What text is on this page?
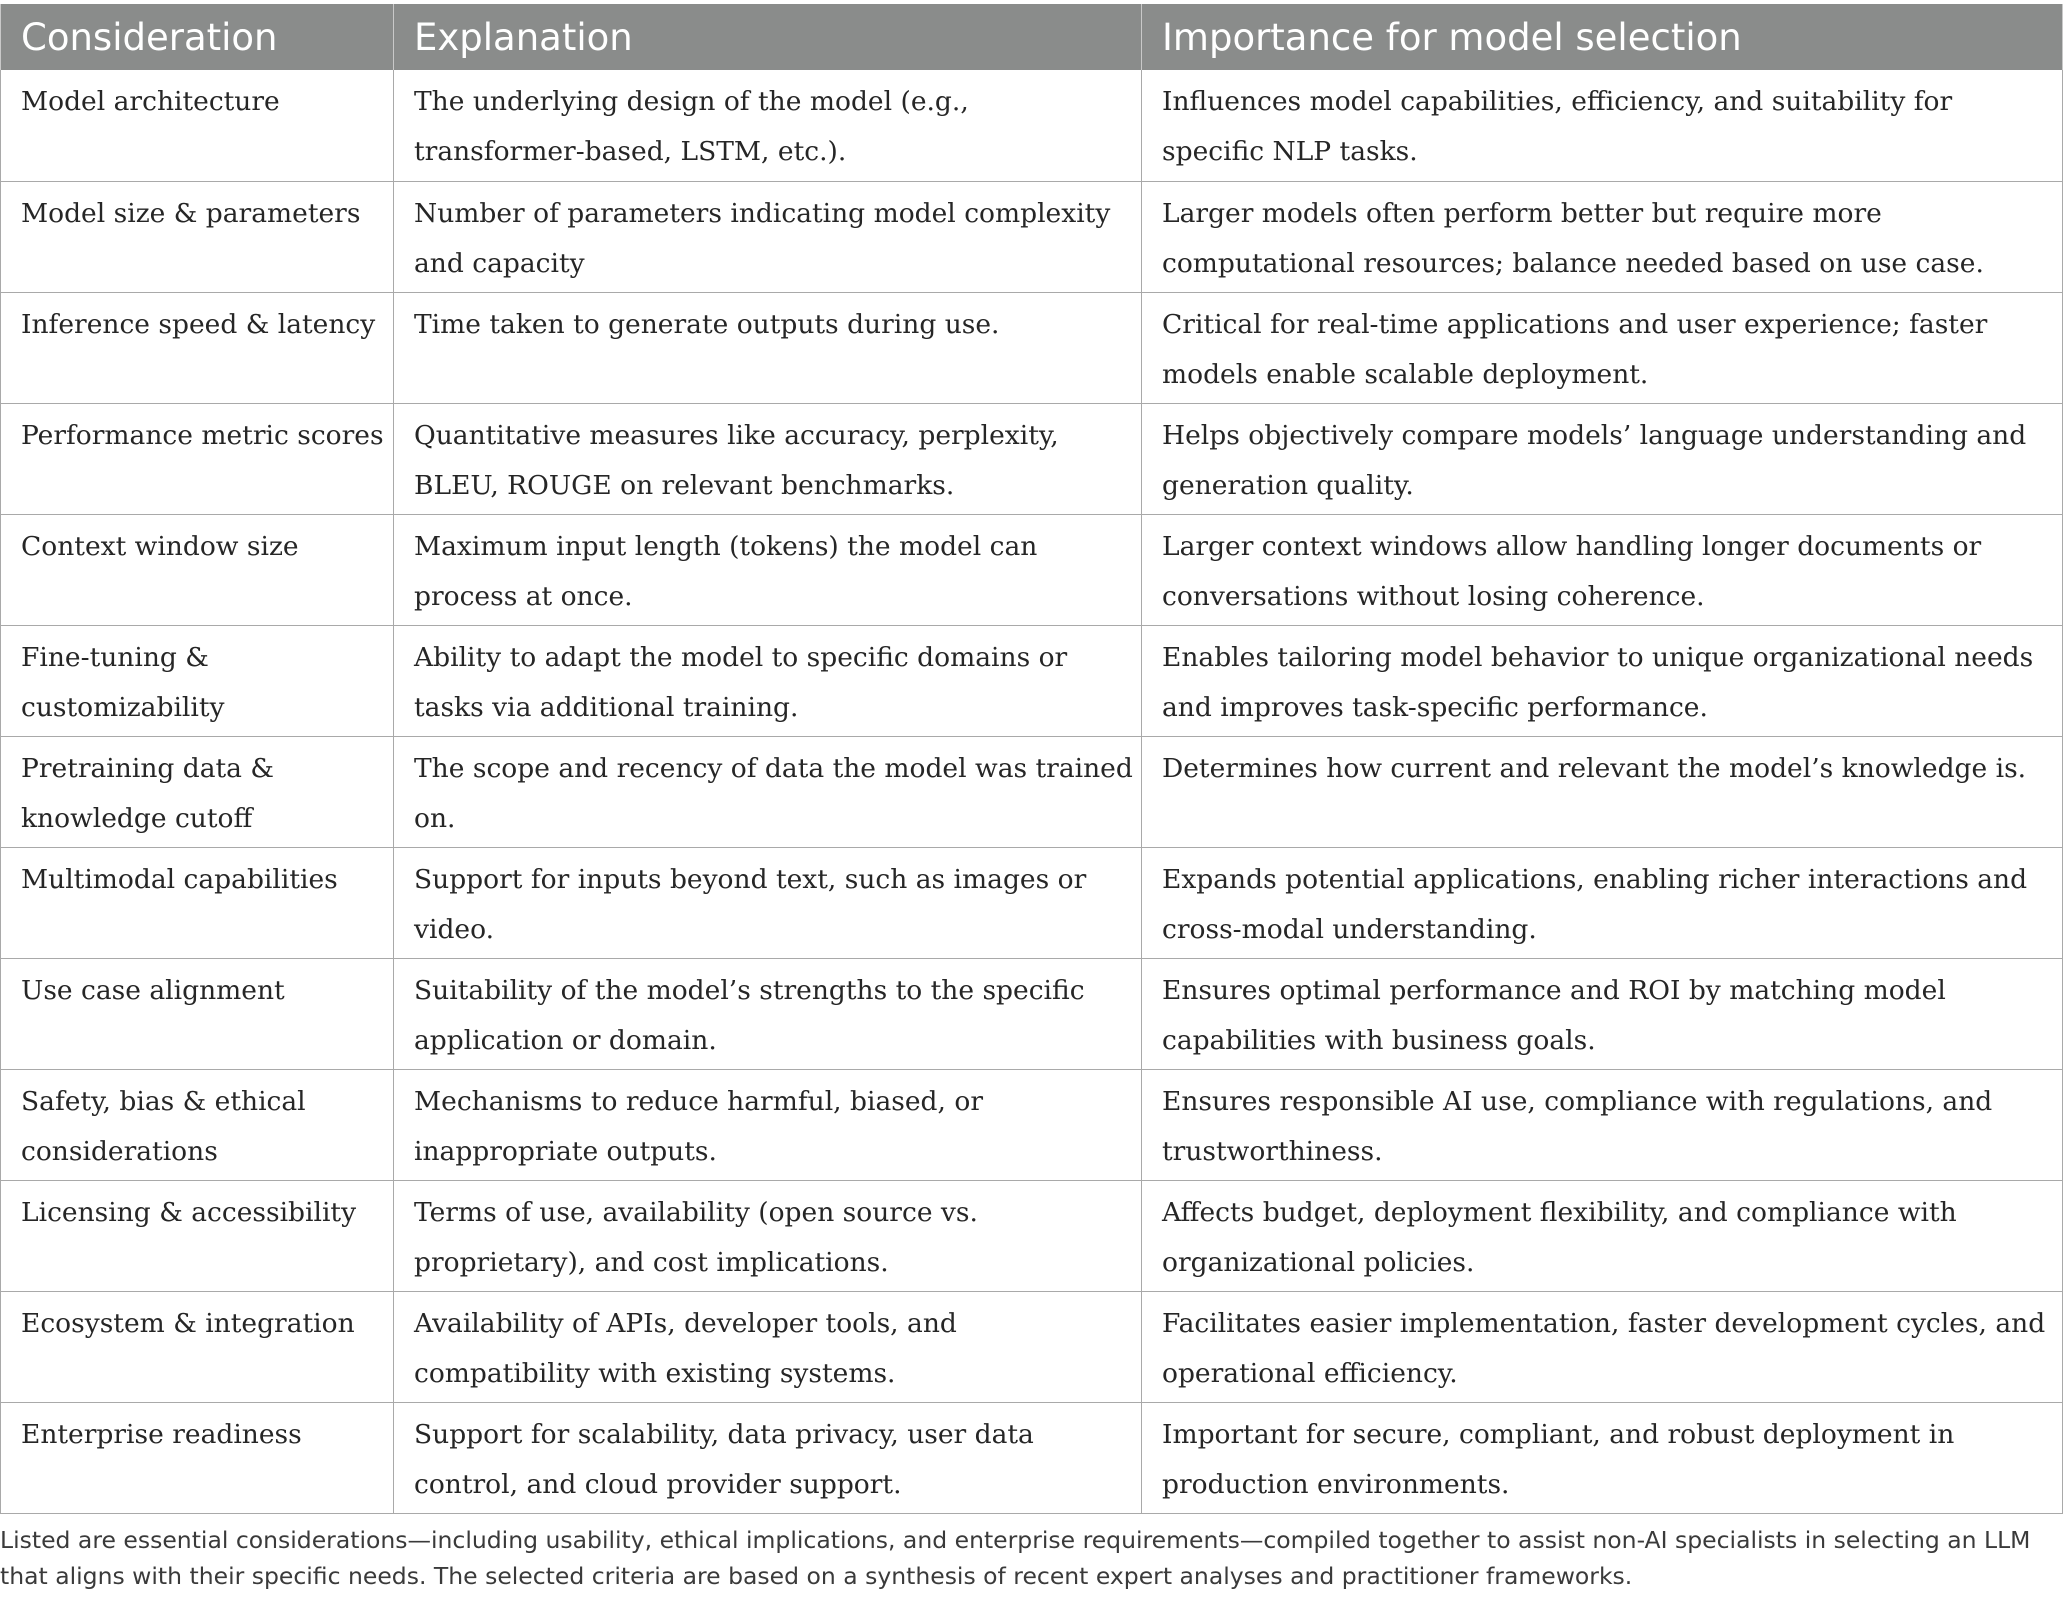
Consideration	Explanation	Importance for model selection
Model architecture	The underlying design of the model (e.g., transformer-based, LSTM, etc.).	Influences model capabilities, efficiency, and suitability for specific NLP tasks.
Model size & parameters	Number of parameters indicating model complexity and capacity	Larger models often perform better but require more computational resources; balance needed based on use case.
Inference speed & latency	Time taken to generate outputs during use.	Critical for real-time applications and user experience; faster models enable scalable deployment.
Performance metric scores	Quantitative measures like accuracy, perplexity, BLEU, ROUGE on relevant benchmarks.	Helps objectively compare models’ language understanding and generation quality.
Context window size	Maximum input length (tokens) the model can process at once.	Larger context windows allow handling longer documents or conversations without losing coherence.
Fine-tuning & customizability	Ability to adapt the model to specific domains or tasks via additional training.	Enables tailoring model behavior to unique organizational needs and improves task-specific performance.
Pretraining data & knowledge cutoff	The scope and recency of data the model was trained on.	Determines how current and relevant the model’s knowledge is.
Multimodal capabilities	Support for inputs beyond text, such as images or video.	Expands potential applications, enabling richer interactions and cross-modal understanding.
Use case alignment	Suitability of the model’s strengths to the specific application or domain.	Ensures optimal performance and ROI by matching model capabilities with business goals.
Safety, bias & ethical considerations	Mechanisms to reduce harmful, biased, or inappropriate outputs.	Ensures responsible AI use, compliance with regulations, and trustworthiness.
Licensing & accessibility	Terms of use, availability (open source vs. proprietary), and cost implications.	Affects budget, deployment flexibility, and compliance with organizational policies.
Ecosystem & integration	Availability of APIs, developer tools, and compatibility with existing systems.	Facilitates easier implementation, faster development cycles, and operational efficiency.
Enterprise readiness	Support for scalability, data privacy, user data control, and cloud provider support.	Important for secure, compliant, and robust deployment in production environments.

Listed are essential considerations—including usability, ethical implications, and enterprise requirements—compiled together to assist non-AI specialists in selecting an LLM that aligns with their specific needs. The selected criteria are based on a synthesis of recent expert analyses and practitioner frameworks.
